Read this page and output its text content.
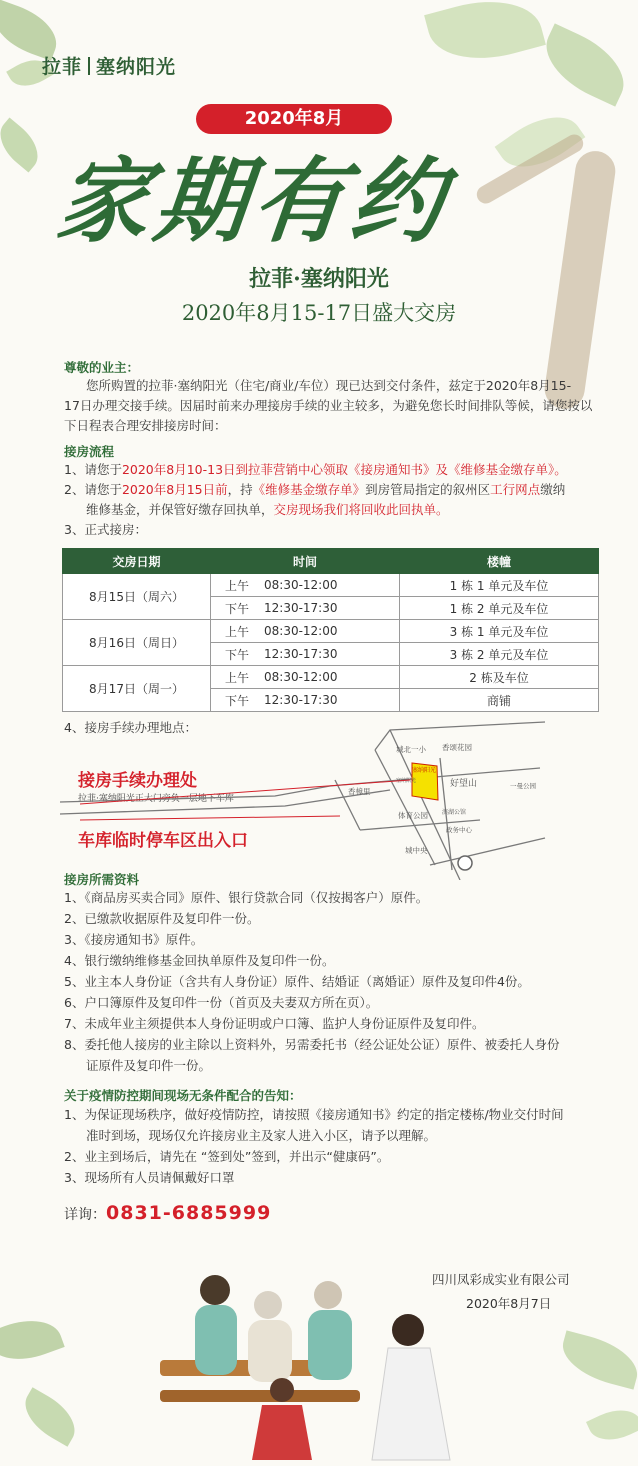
拉菲 塞纳阳光
2020年8月
家期有约
拉菲·塞纳阳光
2020年8月15-17日盛大交房
尊敬的业主：
您所购置的拉菲·塞纳阳光（住宅/商业/车位）现已达到交付条件，兹定于2020年8月15-
17日办理交接手续。因届时前来办理接房手续的业主较多，为避免您长时间排队等候，请您按以
下日程表合理安排接房时间：
接房流程
1、请您于2020年8月10-13日到拉菲营销中心领取《接房通知书》及《维修基金缴存单》。
2、请您于2020年8月15日前，持《维修基金缴存单》到房管局指定的叙州区工行网点缴纳
维修基金，并保管好缴存回执单，交房现场我们将回收此回执单。
3、正式接房：
交房日期	时间		楼幢
8月15日（周六）	上午	08:30-12:00	1 栋 1 单元及车位
	下午	12:30-17:30	1 栋 2 单元及车位
8月16日（周日）	上午	08:30-12:00	3 栋 1 单元及车位
	下午	12:30-17:30	3 栋 2 单元及车位
8月17日（周一）	上午	08:30-12:00	2 栋及车位
	下午	12:30-17:30	商铺
4、接房手续办理地点：
接房手续办理处
拉菲·塞纳阳光正大门旁负一层地下车库
车库临时停车区出入口
城北一小 香颂花园
塞纳阳光
好望山	一曼公园
香樟里
体育公园 滨湖公馆
政务中心
城中央
塞纳阳光
接房所需资料
1、《商品房买卖合同》原件、银行贷款合同（仅按揭客户）原件。
2、已缴款收据原件及复印件一份。
3、《接房通知书》原件。
4、银行缴纳维修基金回执单原件及复印件一份。
5、业主本人身份证（含共有人身份证）原件、结婚证（离婚证）原件及复印件4份。
6、户口簿原件及复印件一份（首页及夫妻双方所在页）。
7、未成年业主须提供本人身份证明或户口簿、监护人身份证原件及复印件。
8、委托他人接房的业主除以上资料外，另需委托书（经公证处公证）原件、被委托人身份
证原件及复印件一份。
关于疫情防控期间现场无条件配合的告知：
1、为保证现场秩序，做好疫情防控，请按照《接房通知书》约定的指定楼栋/物业交付时间
准时到场，现场仅允许接房业主及家人进入小区，请予以理解。
2、业主到场后，请先在 “签到处”签到，并出示“健康码”。
3、现场所有人员请佩戴好口罩
详询：0831-6885999
四川凤彩成实业有限公司
2020年8月7日
